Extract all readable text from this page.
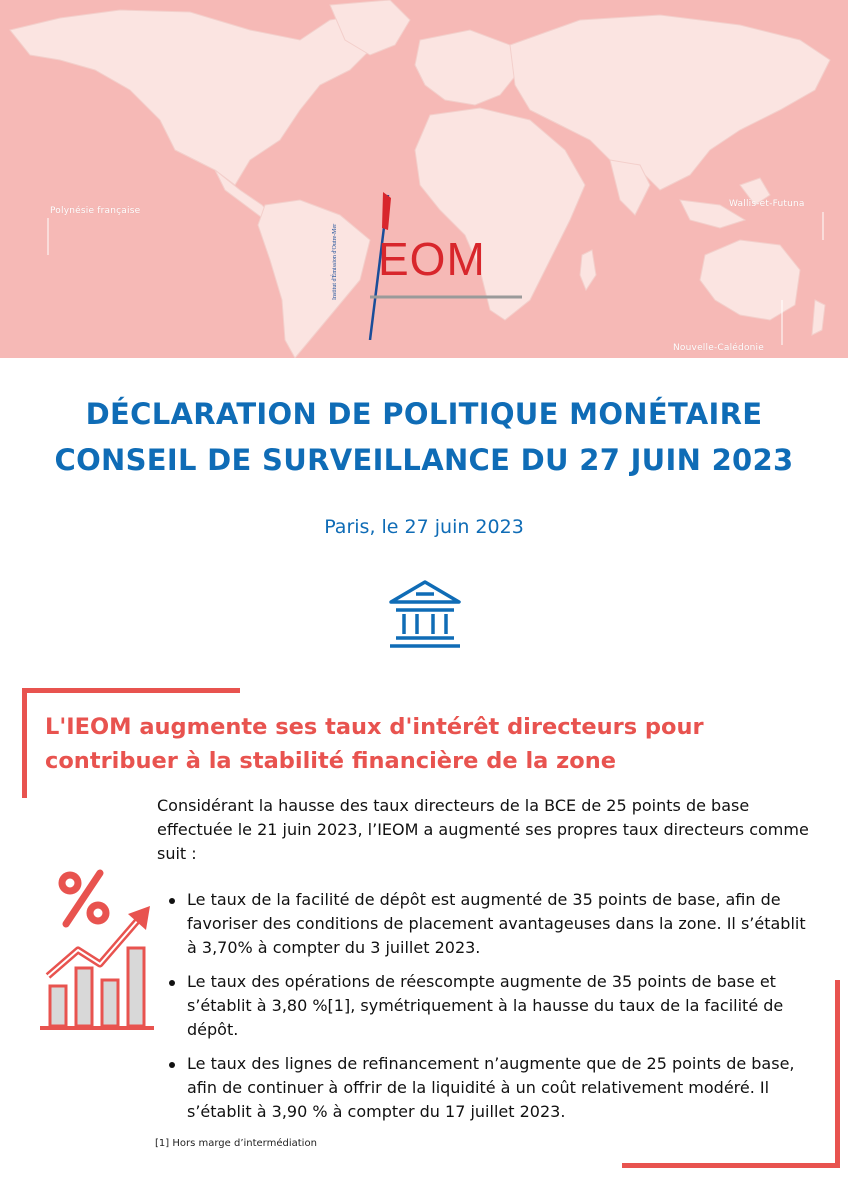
Polynésie française
Wallis-et-Futuna
Nouvelle-Calédonie
Institut d'Émission d'Outre-Mer EOM
DÉCLARATION DE POLITIQUE MONÉTAIRE
CONSEIL DE SURVEILLANCE DU 27 JUIN 2023
Paris, le 27 juin 2023
L'IEOM augmente ses taux d'intérêt directeurs pour contribuer à la stabilité financière de la zone
Considérant la hausse des taux directeurs de la BCE de 25 points de base effectuée le 21 juin 2023, l’IEOM a augmenté ses propres taux directeurs comme suit :
Le taux de la facilité de dépôt est augmenté de 35 points de base, afin de favoriser des conditions de placement avantageuses dans la zone. Il s’établit à 3,70% à compter du 3 juillet 2023.
Le taux des opérations de réescompte augmente de 35 points de base et s’établit à 3,80 %[1], symétriquement à la hausse du taux de la facilité de dépôt.
Le taux des lignes de refinancement n’augmente que de 25 points de base, afin de continuer à offrir de la liquidité à un coût relativement modéré. Il s’établit à 3,90 % à compter du 17 juillet 2023.
[1] Hors marge d’intermédiation
